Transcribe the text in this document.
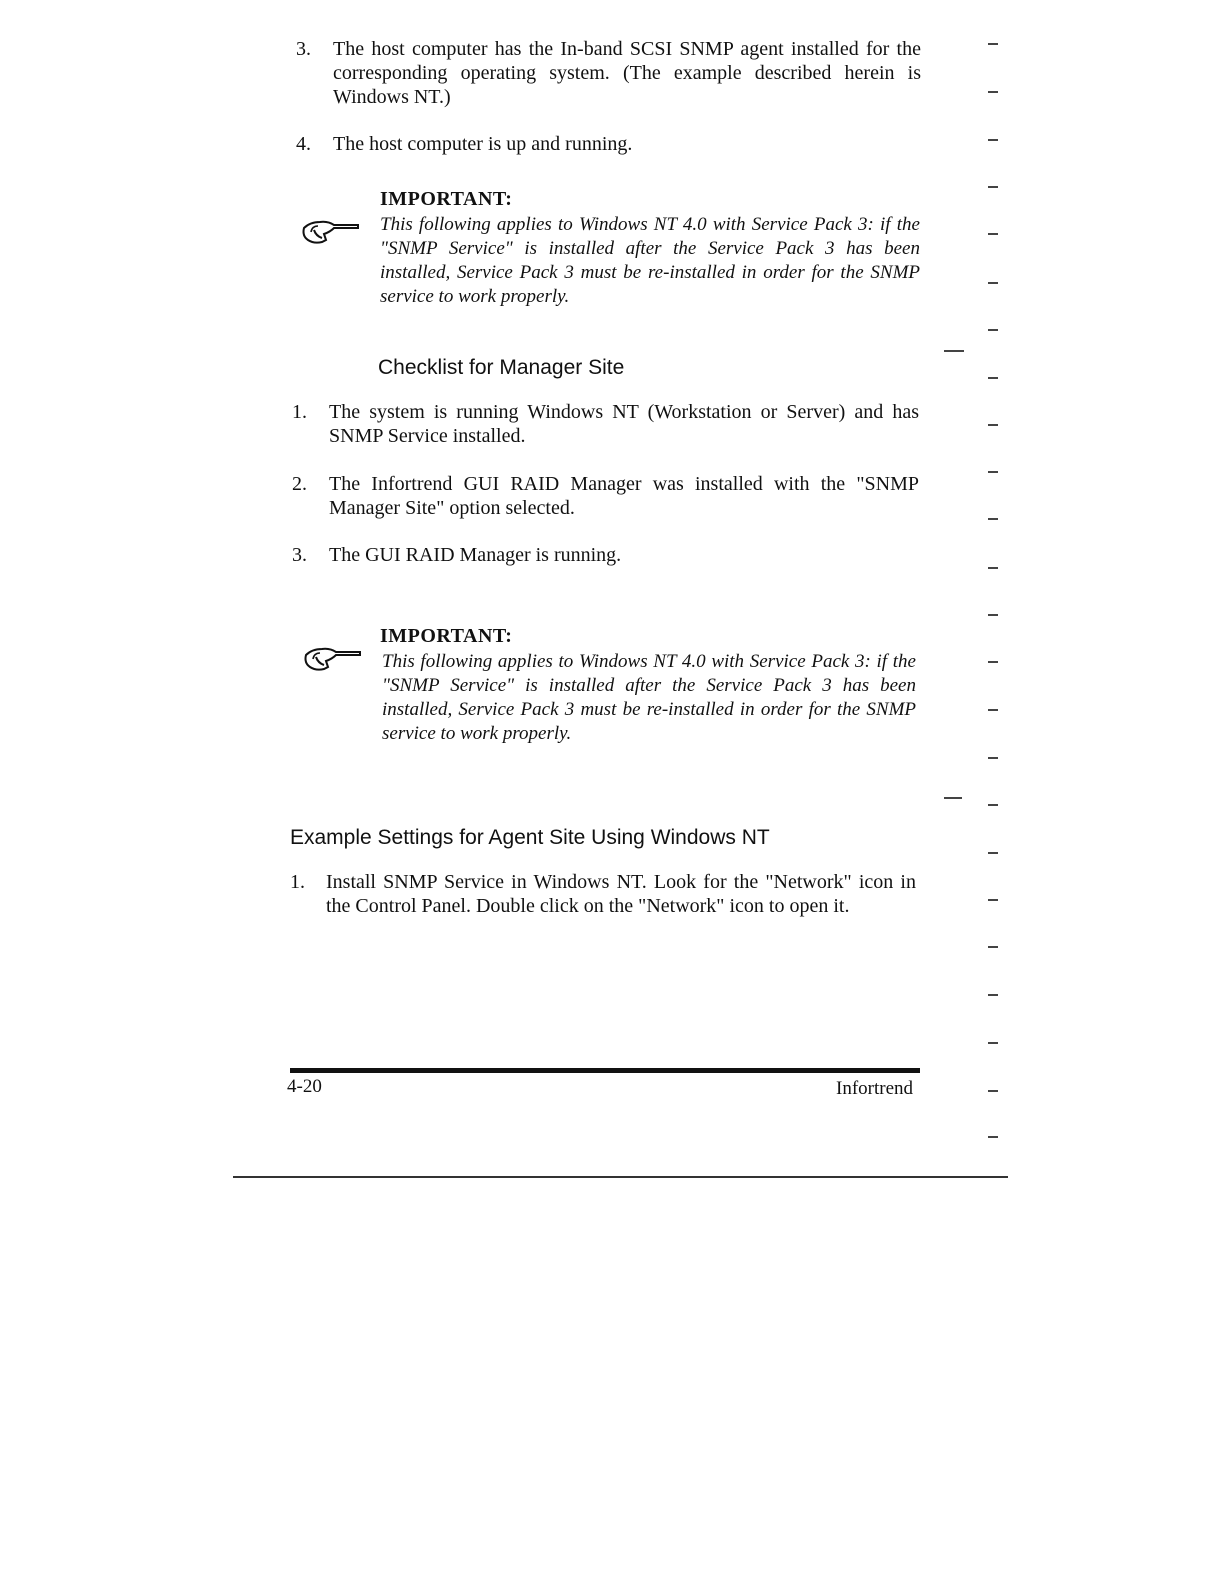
3. The host computer has the In-band SCSI SNMP agent installed for the corresponding operating system. (The example described herein is Windows NT.)
4. The host computer is up and running.
IMPORTANT:
This following applies to Windows NT 4.0 with Service Pack 3: if the "SNMP Service" is installed after the Service Pack 3 has been installed, Service Pack 3 must be re-installed in order for the SNMP service to work properly.
Checklist for Manager Site
1. The system is running Windows NT (Workstation or Server) and has SNMP Service installed.
2. The Infortrend GUI RAID Manager was installed with the "SNMP Manager Site" option selected.
3. The GUI RAID Manager is running.
IMPORTANT:
This following applies to Windows NT 4.0 with Service Pack 3: if the "SNMP Service" is installed after the Service Pack 3 has been installed, Service Pack 3 must be re-installed in order for the SNMP service to work properly.
Example Settings for Agent Site Using Windows NT
1. Install SNMP Service in Windows NT. Look for the "Network" icon in the Control Panel. Double click on the "Network" icon to open it.
4-20	Infortrend
